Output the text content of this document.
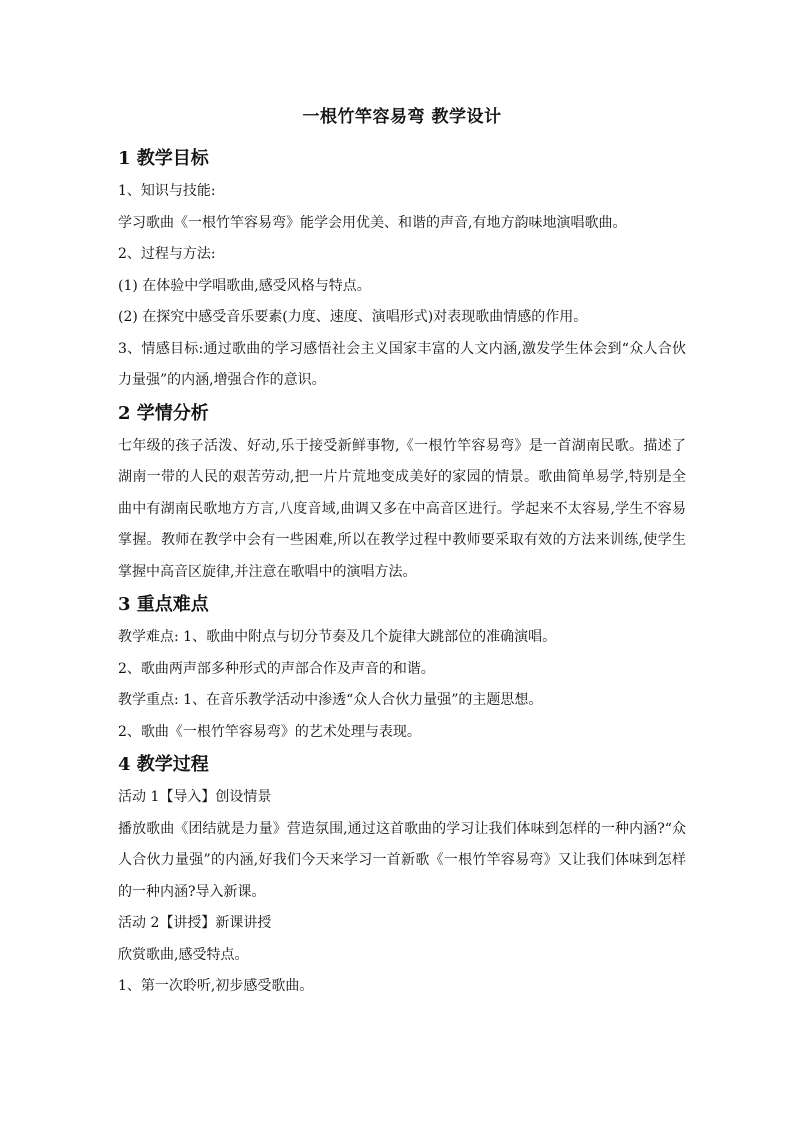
一根竹竿容易弯 教学设计
1 教学目标
1、知识与技能:
学习歌曲《一根竹竿容易弯》能学会用优美、和谐的声音,有地方韵味地演唱歌曲。
2、过程与方法:
(1) 在体验中学唱歌曲,感受风格与特点。
(2) 在探究中感受音乐要素(力度、速度、演唱形式)对表现歌曲情感的作用。
3、情感目标:通过歌曲的学习感悟社会主义国家丰富的人文内涵,激发学生体会到“众人合伙力量强”的内涵,增强合作的意识。
2 学情分析
七年级的孩子活泼、好动,乐于接受新鲜事物,《一根竹竿容易弯》是一首湖南民歌。描述了湖南一带的人民的艰苦劳动,把一片片荒地变成美好的家园的情景。歌曲简单易学,特别是全曲中有湖南民歌地方方言,八度音域,曲调又多在中高音区进行。学起来不太容易,学生不容易掌握。教师在教学中会有一些困难,所以在教学过程中教师要采取有效的方法来训练,使学生掌握中高音区旋律,并注意在歌唱中的演唱方法。
3 重点难点
教学难点: 1、歌曲中附点与切分节奏及几个旋律大跳部位的准确演唱。
2、歌曲两声部多种形式的声部合作及声音的和谐。
教学重点: 1、在音乐教学活动中渗透“众人合伙力量强”的主题思想。
2、歌曲《一根竹竿容易弯》的艺术处理与表现。
4 教学过程
活动 1【导入】创设情景
播放歌曲《团结就是力量》营造氛围,通过这首歌曲的学习让我们体味到怎样的一种内涵?“众人合伙力量强”的内涵,好我们今天来学习一首新歌《一根竹竿容易弯》又让我们体味到怎样的一种内涵?导入新课。
活动 2【讲授】新课讲授
欣赏歌曲,感受特点。
1、第一次聆听,初步感受歌曲。
